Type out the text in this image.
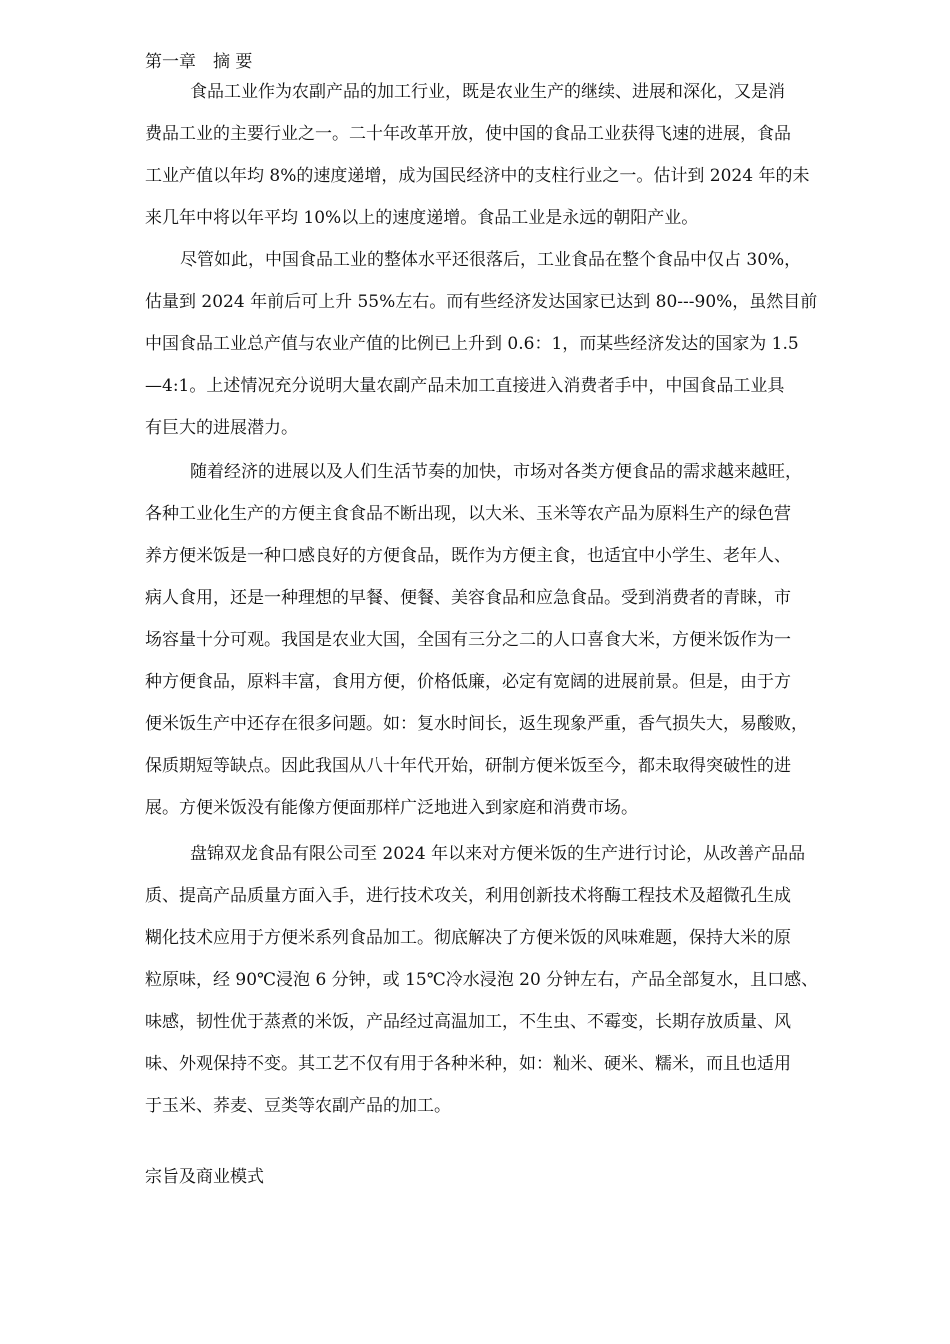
第一章　摘 要
食品工业作为农副产品的加工行业，既是农业生产的继续、进展和深化，又是消
费品工业的主要行业之一。二十年改革开放，使中国的食品工业获得飞速的进展，食品
工业产值以年均 8%的速度递增，成为国民经济中的支柱行业之一。估计到 2024 年的未
来几年中将以年平均 10%以上的速度递增。食品工业是永远的朝阳产业。
尽管如此，中国食品工业的整体水平还很落后，工业食品在整个食品中仅占 30%，
估量到 2024 年前后可上升 55%左右。而有些经济发达国家已达到 80---90%，虽然目前
中国食品工业总产值与农业产值的比例已上升到 0.6：1，而某些经济发达的国家为 1.5
—4:1。上述情况充分说明大量农副产品未加工直接进入消费者手中，中国食品工业具
有巨大的进展潜力。
随着经济的进展以及人们生活节奏的加快，市场对各类方便食品的需求越来越旺，
各种工业化生产的方便主食食品不断出现，以大米、玉米等农产品为原料生产的绿色营
养方便米饭是一种口感良好的方便食品，既作为方便主食，也适宜中小学生、老年人、
病人食用，还是一种理想的早餐、便餐、美容食品和应急食品。受到消费者的青睐，市
场容量十分可观。我国是农业大国，全国有三分之二的人口喜食大米，方便米饭作为一
种方便食品，原料丰富，食用方便，价格低廉，必定有宽阔的进展前景。但是，由于方
便米饭生产中还存在很多问题。如：复水时间长，返生现象严重，香气损失大，易酸败，
保质期短等缺点。因此我国从八十年代开始，研制方便米饭至今，都未取得突破性的进
展。方便米饭没有能像方便面那样广泛地进入到家庭和消费市场。
盘锦双龙食品有限公司至 2024 年以来对方便米饭的生产进行讨论，从改善产品品
质、提高产品质量方面入手，进行技术攻关，利用创新技术将酶工程技术及超微孔生成
糊化技术应用于方便米系列食品加工。彻底解决了方便米饭的风味难题，保持大米的原
粒原味，经 90℃浸泡 6 分钟，或 15℃冷水浸泡 20 分钟左右，产品全部复水，且口感、
味感，韧性优于蒸煮的米饭，产品经过高温加工，不生虫、不霉变，长期存放质量、风
味、外观保持不变。其工艺不仅有用于各种米种，如：籼米、硬米、糯米，而且也适用
于玉米、荞麦、豆类等农副产品的加工。
宗旨及商业模式
